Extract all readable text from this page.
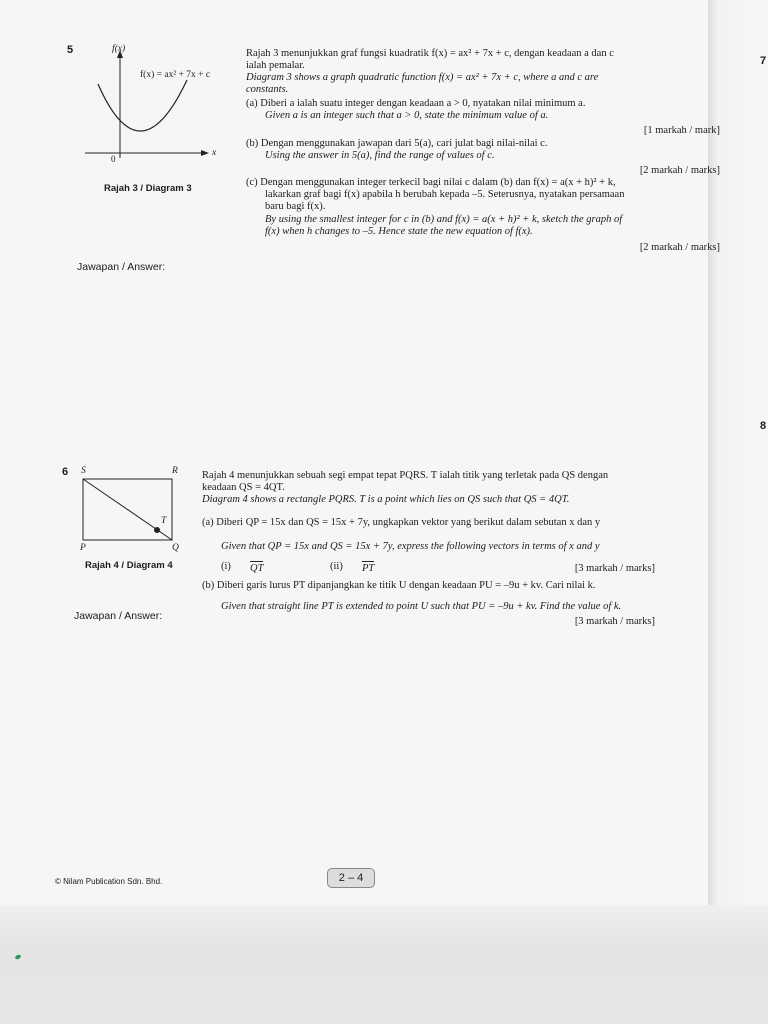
7
8
5	f(x)
f(x) = ax² + 7x + c
0
x
Rajah 3 / Diagram 3
Rajah 3 menunjukkan graf fungsi kuadratik f(x) = ax² + 7x + c, dengan keadaan a dan c
ialah pemalar.
Diagram 3 shows a graph quadratic function f(x) = ax² + 7x + c, where a and c are
constants.
(a) Diberi a ialah suatu integer dengan keadaan a > 0, nyatakan nilai minimum a.
Given a is an integer such that a > 0, state the minimum value of a.
[1 markah / mark]
(b) Dengan menggunakan jawapan dari 5(a), cari julat bagi nilai-nilai c.
Using the answer in 5(a), find the range of values of c.
[2 markah / marks]
(c) Dengan menggunakan integer terkecil bagi nilai c dalam (b) dan f(x) = a(x + h)² + k,
lakarkan graf bagi f(x) apabila h berubah kepada –5. Seterusnya, nyatakan persamaan
baru bagi f(x).
By using the smallest integer for c in (b) and f(x) = a(x + h)² + k, sketch the graph of
f(x) when h changes to –5. Hence state the new equation of f(x).
[2 markah / marks]
Jawapan / Answer:
6 S	R
T
P	Q
Rajah 4 / Diagram 4
Rajah 4 menunjukkan sebuah segi empat tepat PQRS. T ialah titik yang terletak pada QS dengan
keadaan QS = 4QT.
Diagram 4 shows a rectangle PQRS. T is a point which lies on QS such that QS = 4QT.
(a) Diberi QP = 15x dan QS = 15x + 7y, ungkapkan vektor yang berikut dalam sebutan x dan y
Given that QP = 15x and QS = 15x + 7y, express the following vectors in terms of x and y
(i) QT	(ii) PT	[3 markah / marks]
(b) Diberi garis lurus PT dipanjangkan ke titik U dengan keadaan PU = –9u + kv. Cari nilai k.
Given that straight line PT is extended to point U such that PU = –9u + kv. Find the value of k.
[3 markah / marks]
Jawapan / Answer:
© Nilam Publication Sdn. Bhd.	2 – 4
